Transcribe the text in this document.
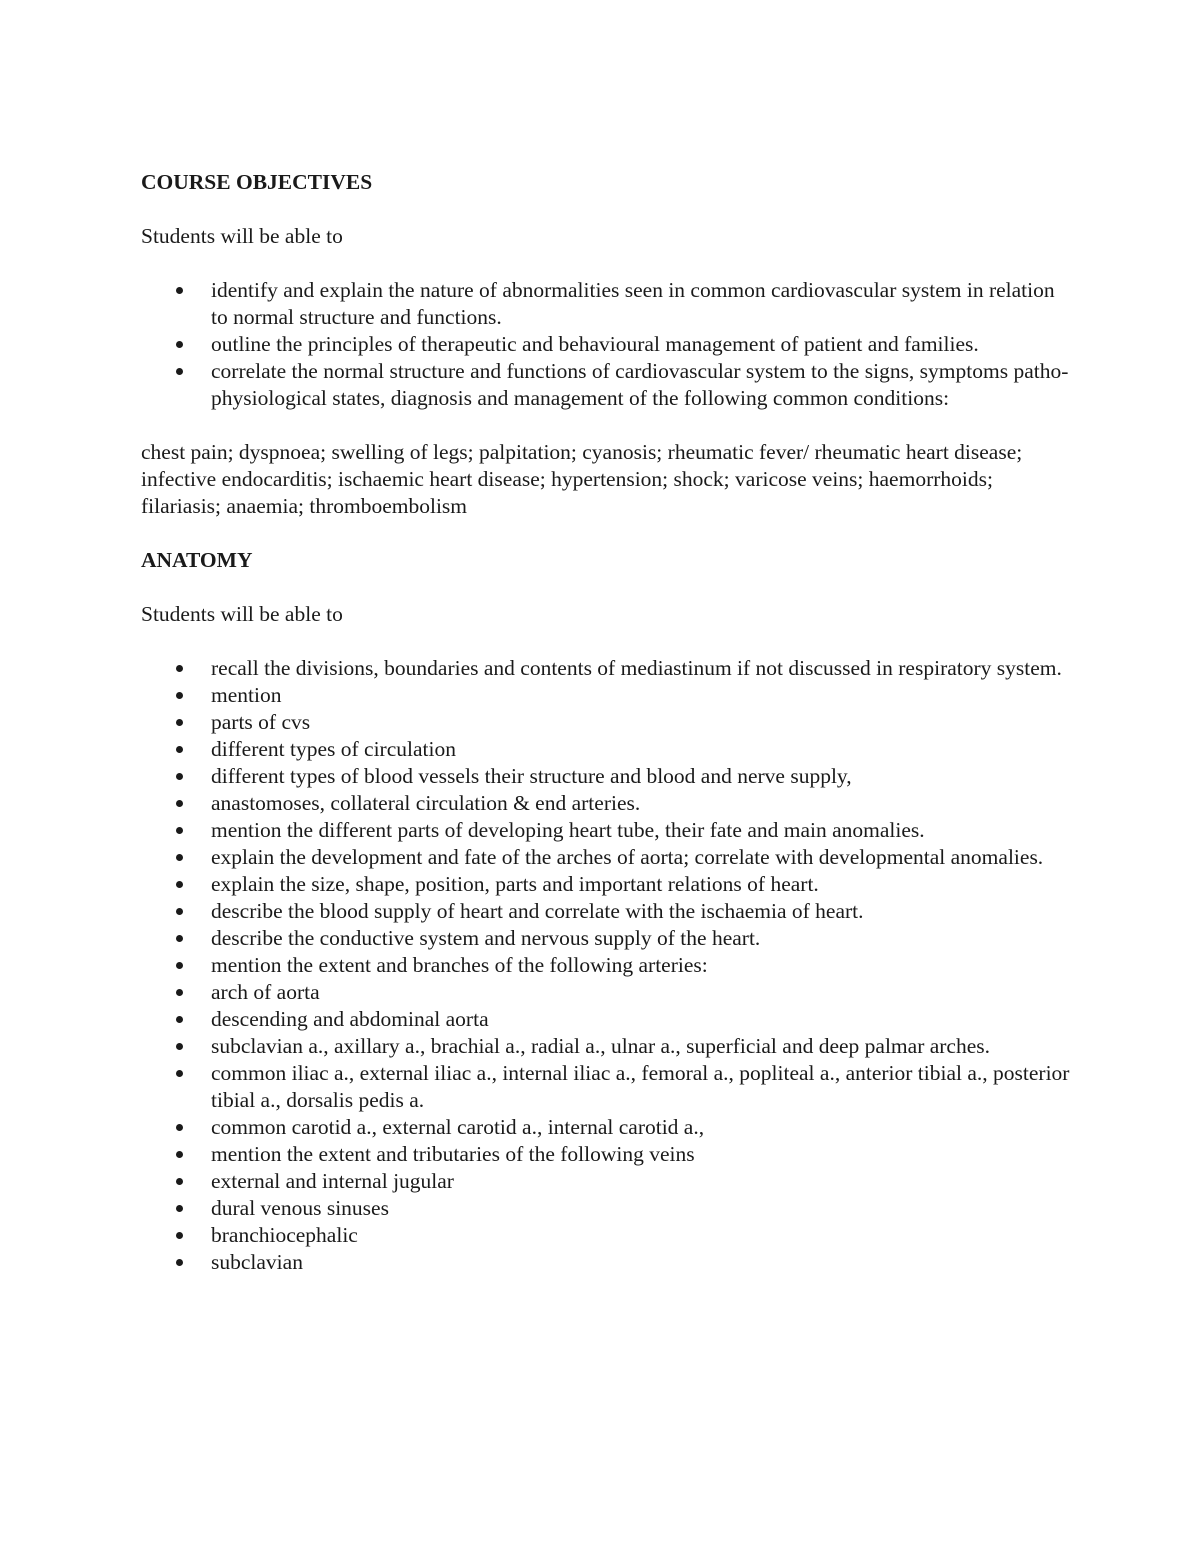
COURSE OBJECTIVES

Students will be able to

identify and explain the nature of abnormalities seen in common cardiovascular system in relation to normal structure and functions.
outline the principles of therapeutic and behavioural management of patient and families.
correlate the normal structure and functions of cardiovascular system to the signs, symptoms patho-physiological states, diagnosis and management of the following common conditions:

chest pain; dyspnoea; swelling of legs; palpitation; cyanosis; rheumatic fever/ rheumatic heart disease; infective endocarditis; ischaemic heart disease; hypertension; shock; varicose veins; haemorrhoids; filariasis; anaemia; thromboembolism

ANATOMY

Students will be able to

recall the divisions, boundaries and contents of mediastinum if not discussed in respiratory system.
mention
parts of cvs
different types of circulation
different types of blood vessels their structure and blood and nerve supply,
anastomoses, collateral circulation & end arteries.
mention the different parts of developing heart tube, their fate and main anomalies.
explain the development and fate of the arches of aorta; correlate with developmental anomalies.
explain the size, shape, position, parts and important relations of heart.
describe the blood supply of heart and correlate with the ischaemia of heart.
describe the conductive system and nervous supply of the heart.
mention the extent and branches of the following arteries:
arch of aorta
descending and abdominal aorta
subclavian a., axillary a., brachial a., radial a., ulnar a., superficial and deep palmar arches.
common iliac a., external iliac a., internal iliac a., femoral a., popliteal a., anterior tibial a., posterior tibial a., dorsalis pedis a.
common carotid a., external carotid a., internal carotid a.,
mention the extent and tributaries of the following veins
external and internal jugular
dural venous sinuses
branchiocephalic
subclavian
